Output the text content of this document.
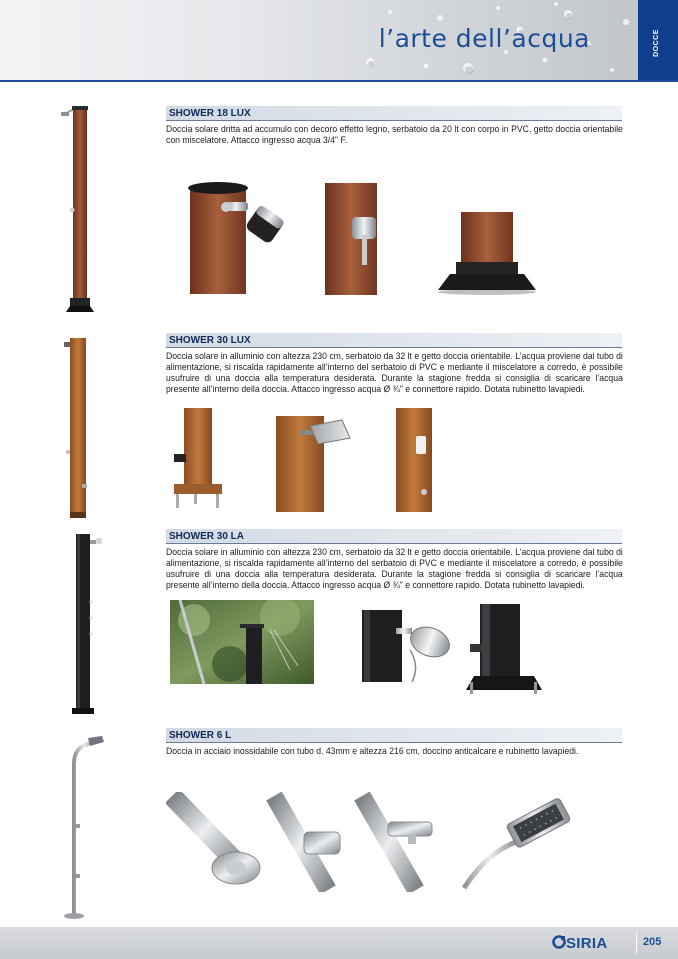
l’arte dell’acqua	DOCCE
SHOWER 18 LUX
Doccia solare dritta ad accumulo con decoro effetto legno, serbatoio da 20 lt con corpo in PVC, getto doccia orientabile con miscelatore. Attacco ingresso acqua 3/4" F.
SHOWER 30 LUX
Doccia solare in alluminio con altezza 230 cm, serbatoio da 32 lt e getto doccia orientabile. L’acqua proviene dal tubo di alimentazione, si riscalda rapidamente all’interno del serbatoio di PVC e mediante il miscelatore a corredo, è possibile usufruire di una doccia alla temperatura desiderata. Durante la stagione fredda si consiglia di scaricare l’acqua presente all’interno della doccia. Attacco ingresso acqua Ø ¾" e connettore rapido. Dotata rubinetto lavapiedi.
SHOWER 30 LA
Doccia solare in alluminio con altezza 230 cm, serbatoio da 32 lt e getto doccia orientabile. L’acqua proviene dal tubo di alimentazione, si riscalda rapidamente all’interno del serbatoio di PVC e mediante il miscelatore a corredo, è possibile usufruire di una doccia alla temperatura desiderata. Durante la stagione fredda si consiglia di scaricare l’acqua presente all’interno della doccia. Attacco ingresso acqua Ø ¾" e connettore rapido. Dotata rubinetto lavapiedi.
SHOWER 6 L
Doccia in acciaio inossidabile con tubo d. 43mm e altezza 216 cm, doccino anticalcare e rubinetto lavapiedi.
SIRIA	205
